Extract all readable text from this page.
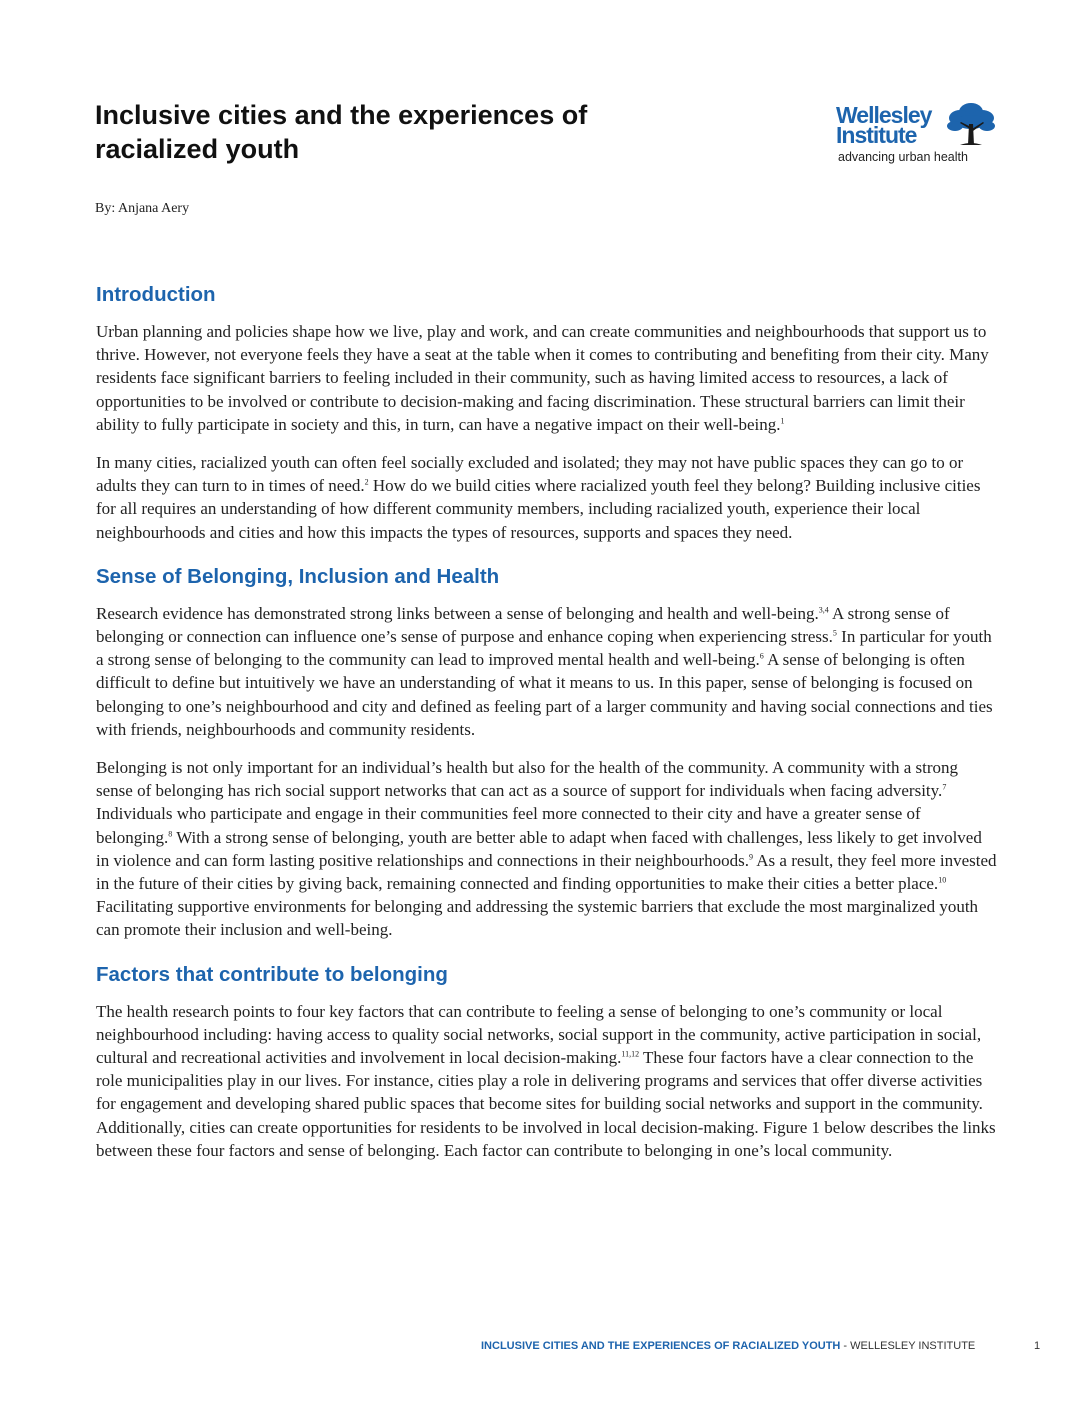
Inclusive cities and the experiences of racialized youth
Wellesley
Institute
advancing urban health

By: Anjana Aery

Introduction

Urban planning and policies shape how we live, play and work, and can create communities and neighbourhoods that support us to thrive. However, not everyone feels they have a seat at the table when it comes to contributing and benefiting from their city. Many residents face significant barriers to feeling included in their community, such as having limited access to resources, a lack of opportunities to be involved or contribute to decision-making and facing discrimination. These structural barriers can limit their ability to fully participate in society and this, in turn, can have a negative impact on their well-being.$^1$

In many cities, racialized youth can often feel socially excluded and isolated; they may not have public spaces they can go to or adults they can turn to in times of need.$^2$ How do we build cities where racialized youth feel they belong? Building inclusive cities for all requires an understanding of how different community members, including racialized youth, experience their local neighbourhoods and cities and how this impacts the types of resources, supports and spaces they need.

Sense of Belonging, Inclusion and Health

Research evidence has demonstrated strong links between a sense of belonging and health and well-being.$^{3,4}$ A strong sense of belonging or connection can influence one’s sense of purpose and enhance coping when experiencing stress.$^5$ In particular for youth a strong sense of belonging to the community can lead to improved mental health and well-being.$^6$ A sense of belonging is often difficult to define but intuitively we have an understanding of what it means to us. In this paper, sense of belonging is focused on belonging to one’s neighbourhood and city and defined as feeling part of a larger community and having social connections and ties with friends, neighbourhoods and community residents.

Belonging is not only important for an individual’s health but also for the health of the community. A community with a strong sense of belonging has rich social support networks that can act as a source of support for individuals when facing adversity.$^7$ Individuals who participate and engage in their communities feel more connected to their city and have a greater sense of belonging.$^8$ With a strong sense of belonging, youth are better able to adapt when faced with challenges, less likely to get involved in violence and can form lasting positive relationships and connections in their neighbourhoods.$^9$ As a result, they feel more invested in the future of their cities by giving back, remaining connected and finding opportunities to make their cities a better place.$^{10}$ Facilitating supportive environments for belonging and addressing the systemic barriers that exclude the most marginalized youth can promote their inclusion and well-being.

Factors that contribute to belonging

The health research points to four key factors that can contribute to feeling a sense of belonging to one’s community or local neighbourhood including: having access to quality social networks, social support in the community, active participation in social, cultural and recreational activities and involvement in local decision-making.$^{11,12}$ These four factors have a clear connection to the role municipalities play in our lives. For instance, cities play a role in delivering programs and services that offer diverse activities for engagement and developing shared public spaces that become sites for building social networks and support in the community. Additionally, cities can create opportunities for residents to be involved in local decision-making. Figure 1 below describes the links between these four factors and sense of belonging. Each factor can contribute to belonging in one’s local community.

INCLUSIVE CITIES AND THE EXPERIENCES OF RACIALIZED YOUTH - WELLESLEY INSTITUTE	1
